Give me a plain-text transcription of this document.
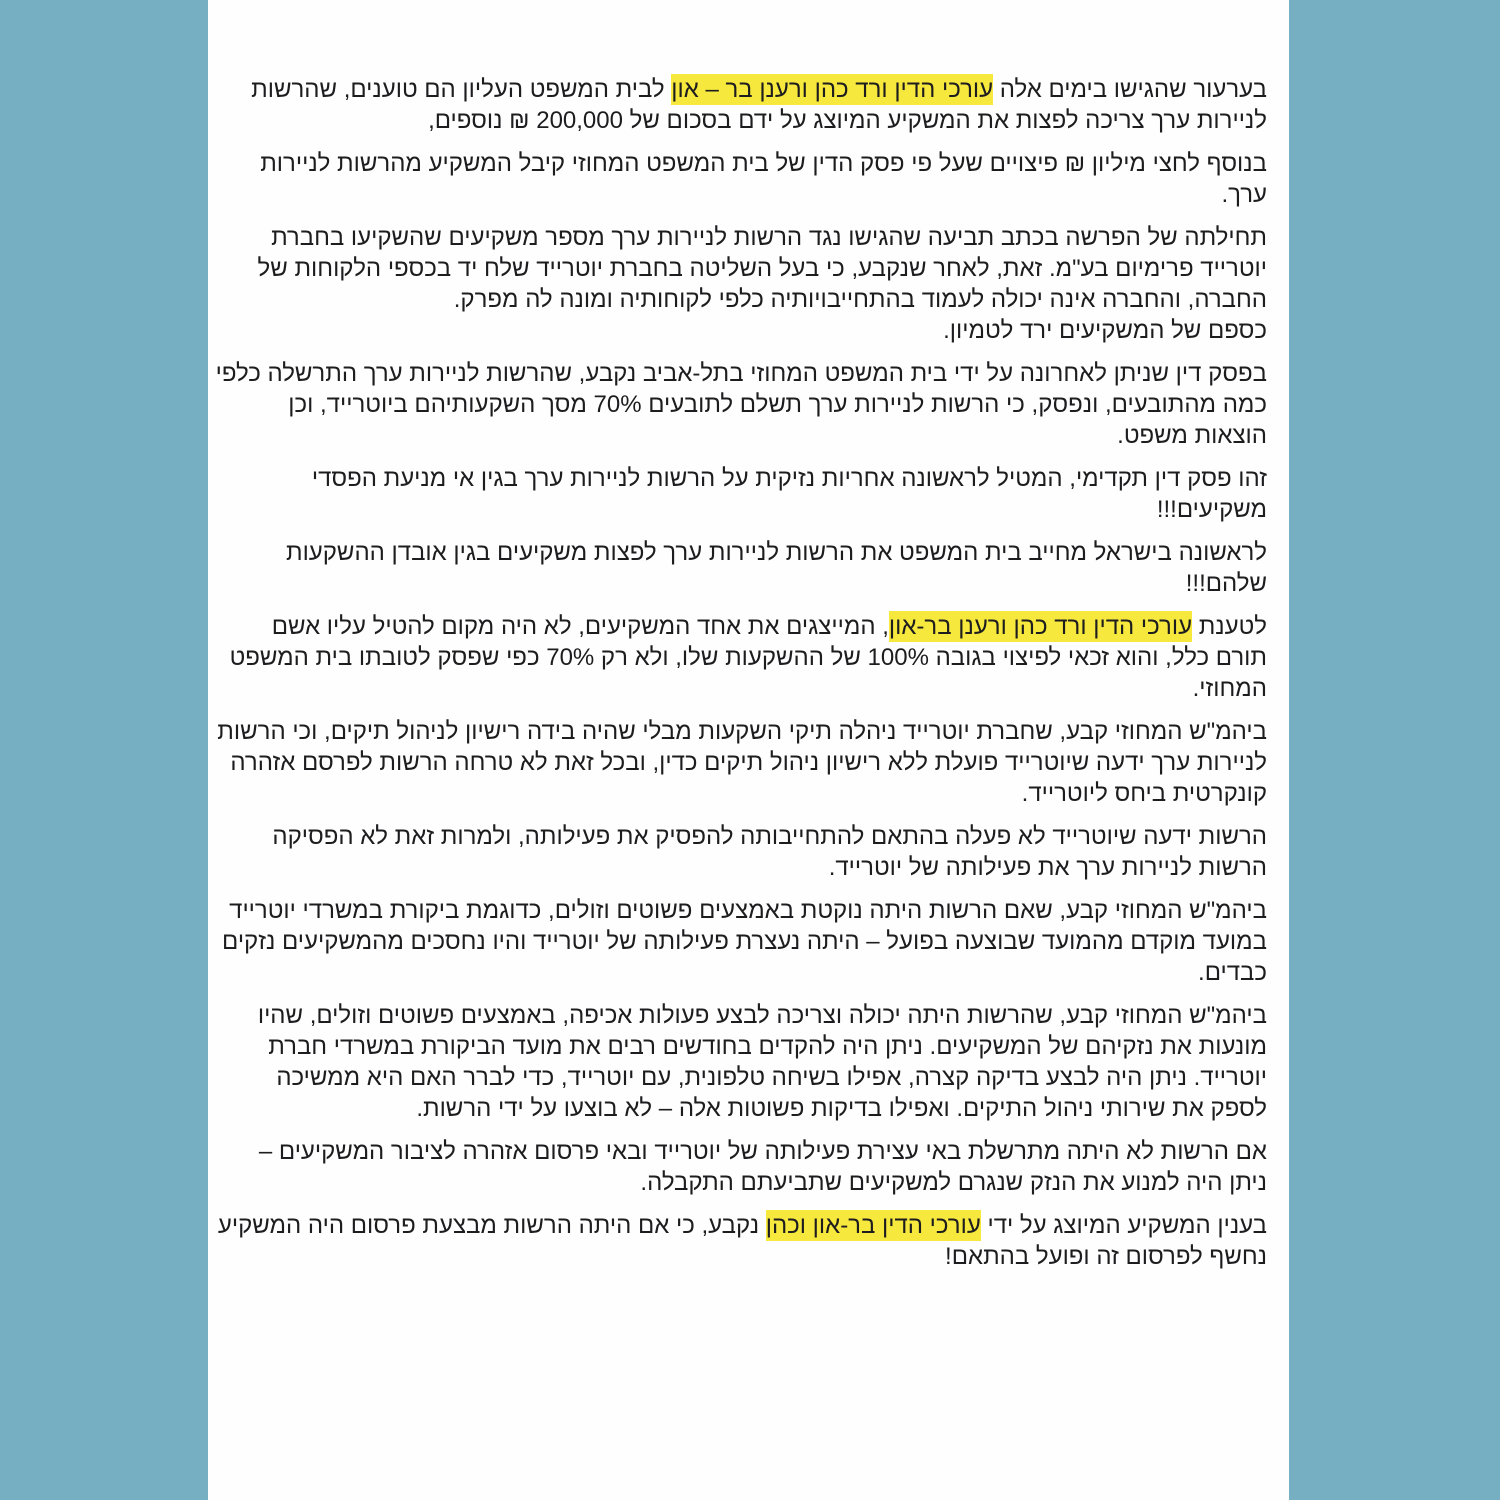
בערעור שהגישו בימים אלה עורכי הדין ורד כהן ורענן בר – און לבית המשפט העליון הם טוענים, שהרשות לניירות ערך צריכה לפצות את המשקיע המיוצג על ידם בסכום של 200,000 ₪ נוספים,

בנוסף לחצי מיליון ₪ פיצויים שעל פי פסק הדין של בית המשפט המחוזי קיבל המשקיע מהרשות לניירות ערך.

תחילתה של הפרשה בכתב תביעה שהגישו נגד הרשות לניירות ערך מספר משקיעים שהשקיעו בחברת יוטרייד פרימיום בע"מ. זאת, לאחר שנקבע, כי בעל השליטה בחברת יוטרייד שלח יד בכספי הלקוחות של החברה, והחברה אינה יכולה לעמוד בהתחייבויותיה כלפי לקוחותיה ומונה לה מפרק.
כספם של המשקיעים ירד לטמיון.

בפסק דין שניתן לאחרונה על ידי בית המשפט המחוזי בתל-אביב נקבע, שהרשות לניירות ערך התרשלה כלפי כמה מהתובעים, ונפסק, כי הרשות לניירות ערך תשלם לתובעים 70% מסך השקעותיהם ביוטרייד, וכן הוצאות משפט.

זהו פסק דין תקדימי, המטיל לראשונה אחריות נזיקית על הרשות לניירות ערך בגין אי מניעת הפסדי משקיעים!!!

לראשונה בישראל מחייב בית המשפט את הרשות לניירות ערך לפצות משקיעים בגין אובדן ההשקעות שלהם!!!

לטענת עורכי הדין ורד כהן ורענן בר-און, המייצגים את אחד המשקיעים, לא היה מקום להטיל עליו אשם תורם כלל, והוא זכאי לפיצוי בגובה 100% של ההשקעות שלו, ולא רק 70% כפי שפסק לטובתו בית המשפט המחוזי.

ביהמ"ש המחוזי קבע, שחברת יוטרייד ניהלה תיקי השקעות מבלי שהיה בידה רישיון לניהול תיקים, וכי הרשות לניירות ערך ידעה שיוטרייד פועלת ללא רישיון ניהול תיקים כדין, ובכל זאת לא טרחה הרשות לפרסם אזהרה קונקרטית ביחס ליוטרייד.

הרשות ידעה שיוטרייד לא פעלה בהתאם להתחייבותה להפסיק את פעילותה, ולמרות זאת לא הפסיקה הרשות לניירות ערך את פעילותה של יוטרייד.

ביהמ"ש המחוזי קבע, שאם הרשות היתה נוקטת באמצעים פשוטים וזולים, כדוגמת ביקורת במשרדי יוטרייד במועד מוקדם מהמועד שבוצעה בפועל – היתה נעצרת פעילותה של יוטרייד והיו נחסכים מהמשקיעים נזקים כבדים.

ביהמ"ש המחוזי קבע, שהרשות היתה יכולה וצריכה לבצע פעולות אכיפה, באמצעים פשוטים וזולים, שהיו מונעות את נזקיהם של המשקיעים. ניתן היה להקדים בחודשים רבים את מועד הביקורת במשרדי חברת יוטרייד. ניתן היה לבצע בדיקה קצרה, אפילו בשיחה טלפונית, עם יוטרייד, כדי לברר האם היא ממשיכה לספק את שירותי ניהול התיקים. ואפילו בדיקות פשוטות אלה – לא בוצעו על ידי הרשות.

אם הרשות לא היתה מתרשלת באי עצירת פעילותה של יוטרייד ובאי פרסום אזהרה לציבור המשקיעים – ניתן היה למנוע את הנזק שנגרם למשקיעים שתביעתם התקבלה.

בענין המשקיע המיוצג על ידי עורכי הדין בר-און וכהן נקבע, כי אם היתה הרשות מבצעת פרסום היה המשקיע נחשף לפרסום זה ופועל בהתאם!
